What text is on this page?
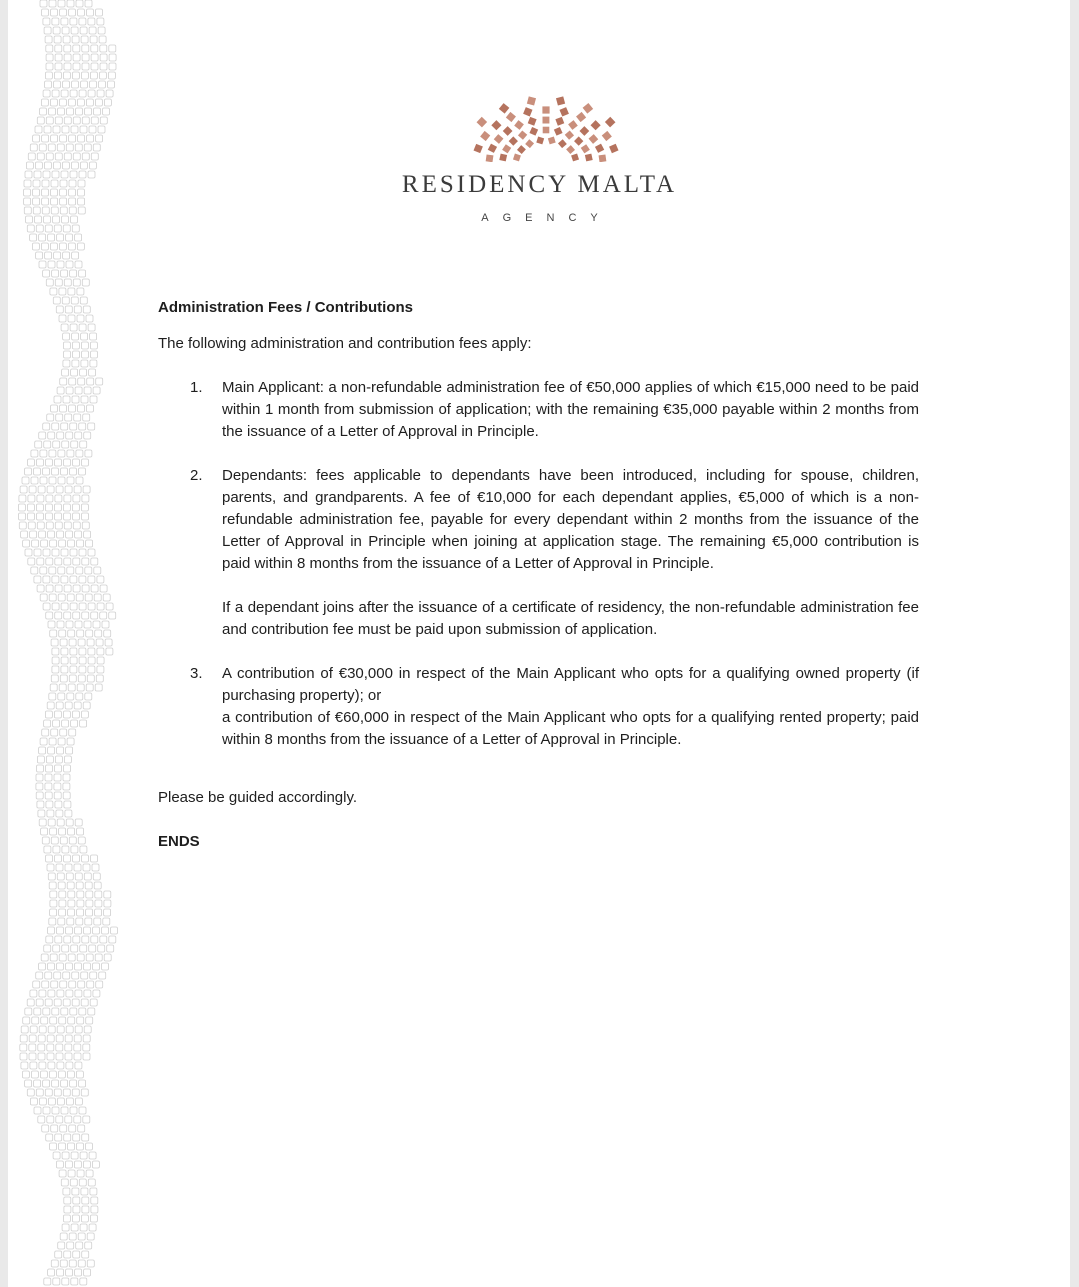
RESIDENCY MALTA
AGENCY

Administration Fees / Contributions

The following administration and contribution fees apply:

1.	Main Applicant: a non-refundable administration fee of €50,000 applies of which €15,000 need to be paid within 1 month from submission of application; with the remaining €35,000 payable within 2 months from the issuance of a Letter of Approval in Principle.

2.	Dependants: fees applicable to dependants have been introduced, including for spouse, children, parents, and grandparents. A fee of €10,000 for each dependant applies, €5,000 of which is a non-refundable administration fee, payable for every dependant within 2 months from the issuance of the Letter of Approval in Principle when joining at application stage. The remaining €5,000 contribution is paid within 8 months from the issuance of a Letter of Approval in Principle.

If a dependant joins after the issuance of a certificate of residency, the non-refundable administration fee and contribution fee must be paid upon submission of application.

3.	A contribution of €30,000 in respect of the Main Applicant who opts for a qualifying owned property (if purchasing property); or

a contribution of €60,000 in respect of the Main Applicant who opts for a qualifying rented property; paid within 8 months from the issuance of a Letter of Approval in Principle.

Please be guided accordingly.

ENDS
